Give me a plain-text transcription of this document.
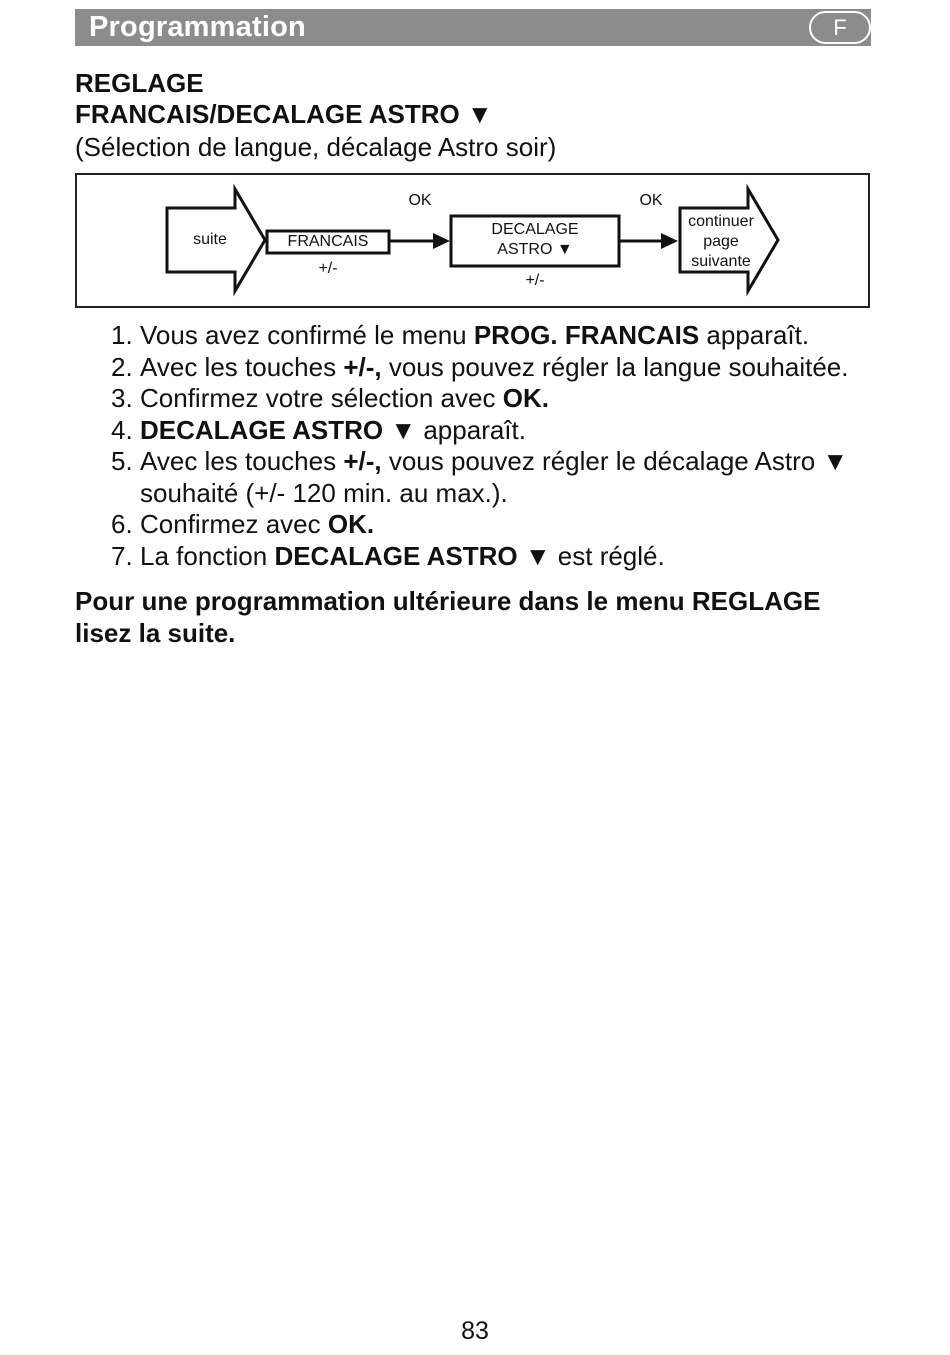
Programmation	F
REGLAGE
FRANCAIS/DECALAGE ASTRO ▼
(Sélection de langue, décalage Astro soir)
suite	FRANCAIS
+/-
OK
DECALAGE
ASTRO ▼
+/-
OK
continuer
page
suivante
1. Vous avez confirmé le menu PROG. FRANCAIS apparaît.
2. Avec les touches +/-, vous pouvez régler la langue souhaitée.
3. Confirmez votre sélection avec OK.
4. DECALAGE ASTRO ▼ apparaît.
5. Avec les touches +/-, vous pouvez régler le décalage Astro ▼ souhaité (+/- 120 min. au max.).
6. Confirmez avec OK.
7. La fonction DECALAGE ASTRO ▼ est réglé.
Pour une programmation ultérieure dans le menu REGLAGE lisez la suite.
83
